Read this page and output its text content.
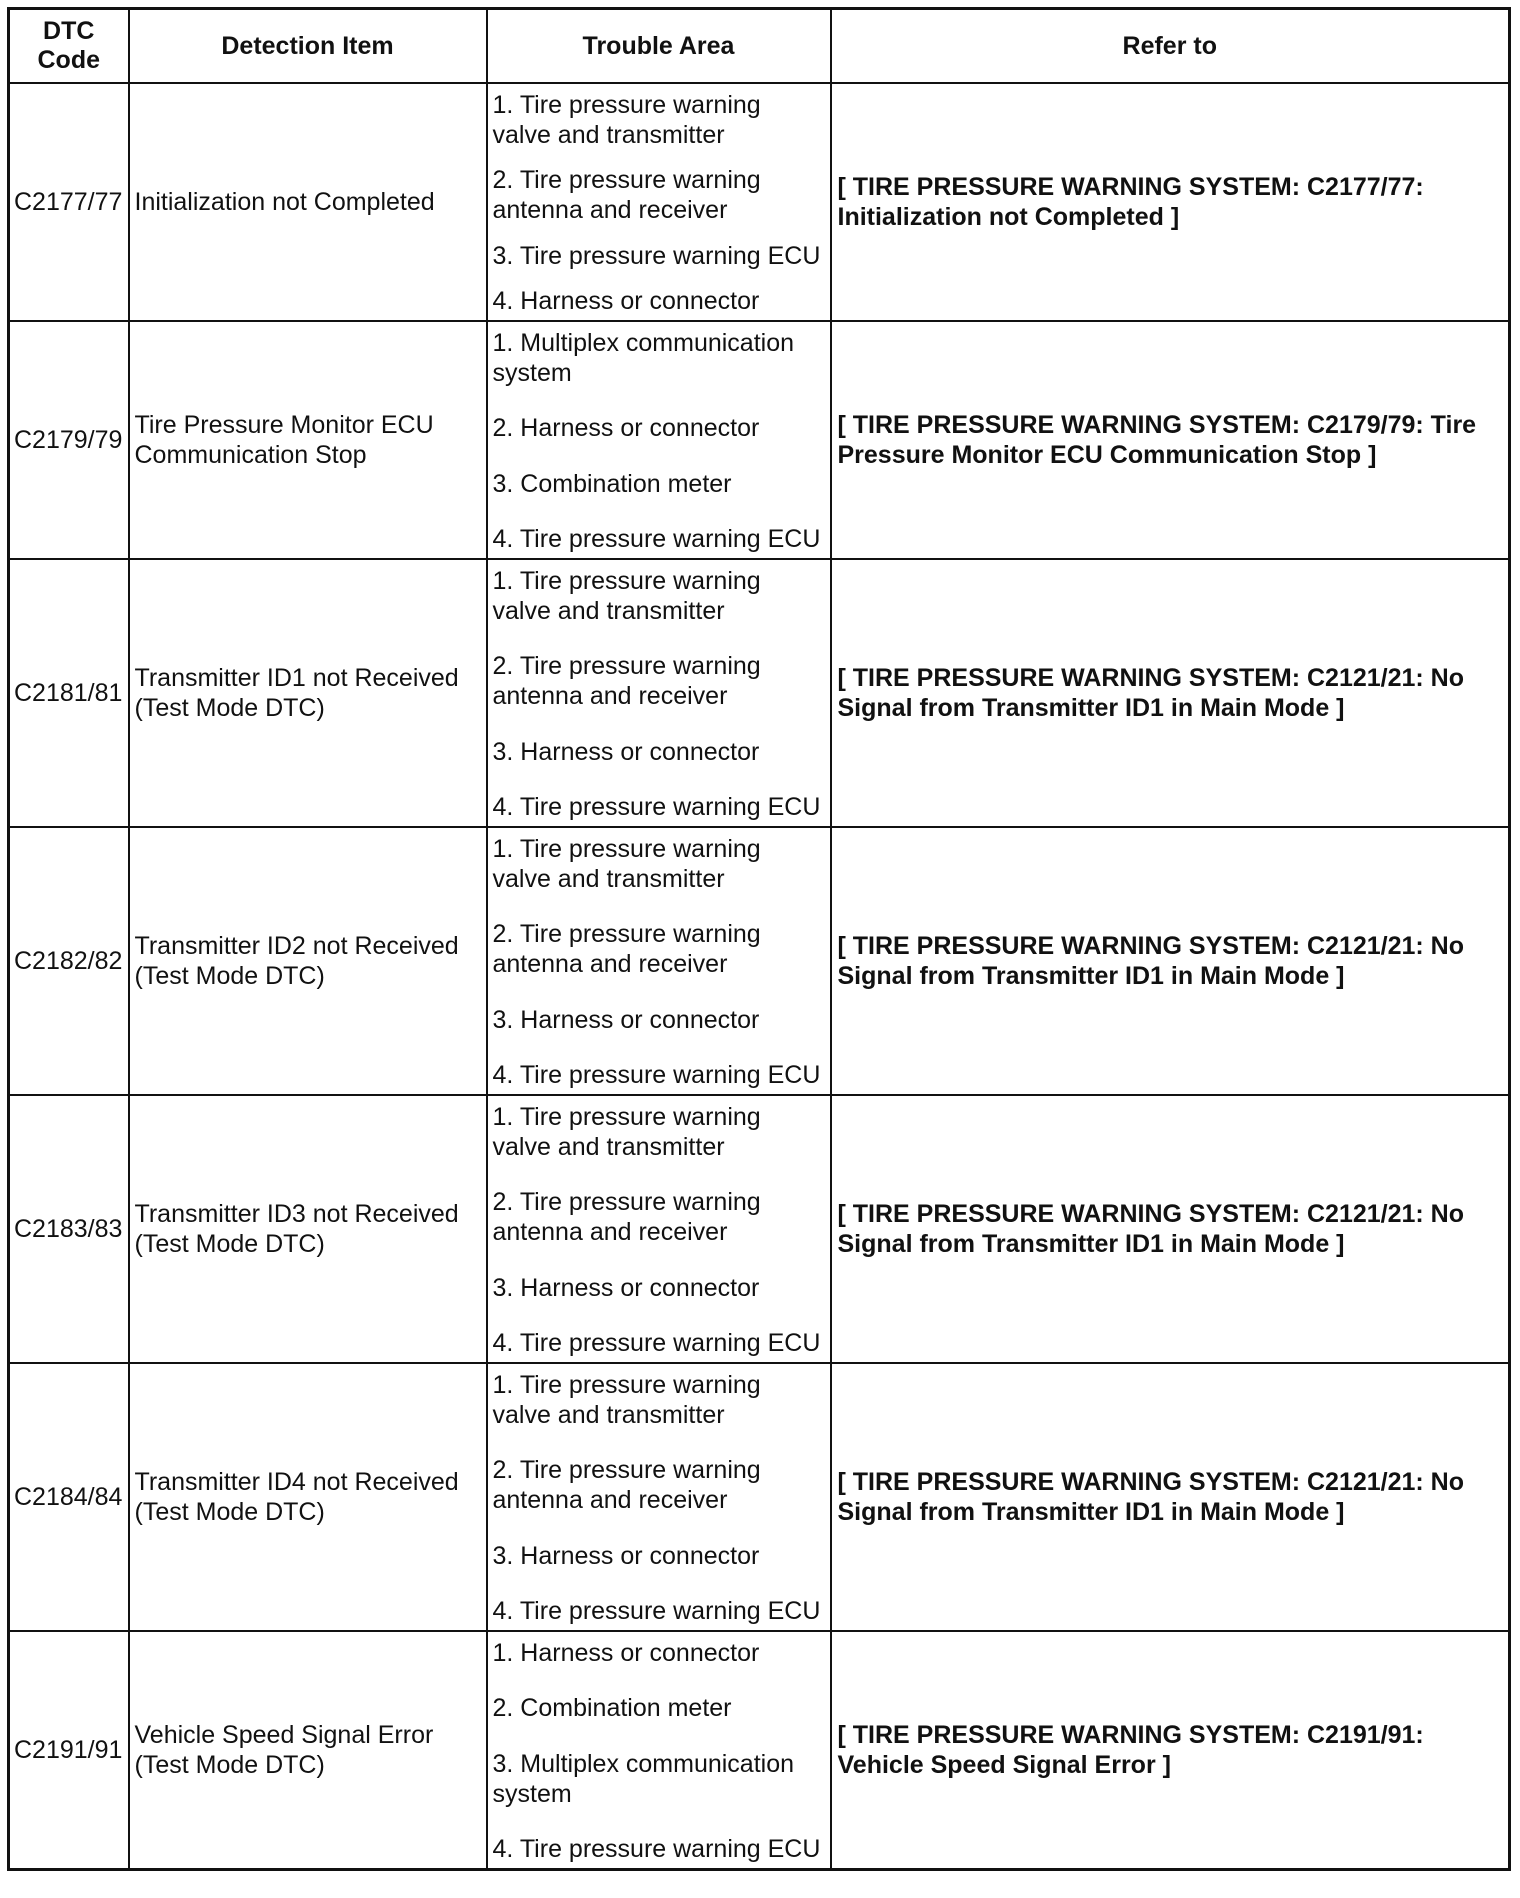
DTC
Code	Detection Item	Trouble Area	Refer to
C2177/77	Initialization not Completed	1. Tire pressure warning valve and transmitter
2. Tire pressure warning antenna and receiver
3. Tire pressure warning ECU
4. Harness or connector	[ TIRE PRESSURE WARNING SYSTEM: C2177/77: Initialization not Completed ]
C2179/79	Tire Pressure Monitor ECU Communication Stop	1. Multiplex communication system
2. Harness or connector
3. Combination meter
4. Tire pressure warning ECU	[ TIRE PRESSURE WARNING SYSTEM: C2179/79: Tire Pressure Monitor ECU Communication Stop ]
C2181/81	Transmitter ID1 not Received (Test Mode DTC)	1. Tire pressure warning valve and transmitter
2. Tire pressure warning antenna and receiver
3. Harness or connector
4. Tire pressure warning ECU	[ TIRE PRESSURE WARNING SYSTEM: C2121/21: No Signal from Transmitter ID1 in Main Mode ]
C2182/82	Transmitter ID2 not Received (Test Mode DTC)	1. Tire pressure warning valve and transmitter
2. Tire pressure warning antenna and receiver
3. Harness or connector
4. Tire pressure warning ECU	[ TIRE PRESSURE WARNING SYSTEM: C2121/21: No Signal from Transmitter ID1 in Main Mode ]
C2183/83	Transmitter ID3 not Received (Test Mode DTC)	1. Tire pressure warning valve and transmitter
2. Tire pressure warning antenna and receiver
3. Harness or connector
4. Tire pressure warning ECU	[ TIRE PRESSURE WARNING SYSTEM: C2121/21: No Signal from Transmitter ID1 in Main Mode ]
C2184/84	Transmitter ID4 not Received (Test Mode DTC)	1. Tire pressure warning valve and transmitter
2. Tire pressure warning antenna and receiver
3. Harness or connector
4. Tire pressure warning ECU	[ TIRE PRESSURE WARNING SYSTEM: C2121/21: No Signal from Transmitter ID1 in Main Mode ]
C2191/91	Vehicle Speed Signal Error (Test Mode DTC)	1. Harness or connector
2. Combination meter
3. Multiplex communication system
4. Tire pressure warning ECU	[ TIRE PRESSURE WARNING SYSTEM: C2191/91: Vehicle Speed Signal Error ]
